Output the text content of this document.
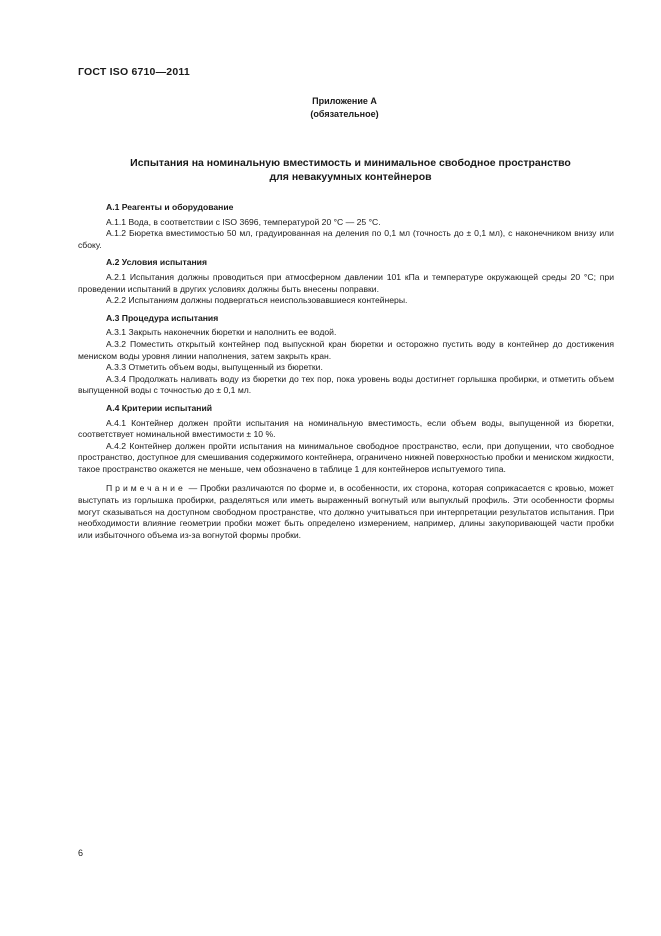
ГОСТ ISO 6710—2011
Приложение А
(обязательное)
Испытания на номинальную вместимость и минимальное свободное пространство
для невакуумных контейнеров
А.1 Реагенты и оборудование
А.1.1 Вода, в соответствии с ISO 3696, температурой 20 °С — 25 °С.
А.1.2 Бюретка вместимостью 50 мл, градуированная на деления по 0,1 мл (точность до ± 0,1 мл), с наконечником внизу или сбоку.
А.2 Условия испытания
А.2.1 Испытания должны проводиться при атмосферном давлении 101 кПа и температуре окружающей среды 20 °С; при проведении испытаний в других условиях должны быть внесены поправки.
А.2.2 Испытаниям должны подвергаться неиспользовавшиеся контейнеры.
А.3 Процедура испытания
А.3.1 Закрыть наконечник бюретки и наполнить ее водой.
А.3.2 Поместить открытый контейнер под выпускной кран бюретки и осторожно пустить воду в контейнер до достижения мениском воды уровня линии наполнения, затем закрыть кран.
А.3.3 Отметить объем воды, выпущенный из бюретки.
А.3.4 Продолжать наливать воду из бюретки до тех пор, пока уровень воды достигнет горлышка пробирки, и отметить объем выпущенной воды с точностью до ± 0,1 мл.
А.4 Критерии испытаний
А.4.1 Контейнер должен пройти испытания на номинальную вместимость, если объем воды, выпущенной из бюретки, соответствует номинальной вместимости ± 10 %.
А.4.2 Контейнер должен пройти испытания на минимальное свободное пространство, если, при допущении, что свободное пространство, доступное для смешивания содержимого контейнера, ограничено нижней поверхностью пробки и мениском жидкости, такое пространство окажется не меньше, чем обозначено в таблице 1 для контейнеров испытуемого типа.
Примечание — Пробки различаются по форме и, в особенности, их сторона, которая соприкасается с кровью, может выступать из горлышка пробирки, разделяться или иметь выраженный вогнутый или выпуклый профиль. Эти особенности формы могут сказываться на доступном свободном пространстве, что должно учитываться при интерпретации результатов испытания. При необходимости влияние геометрии пробки может быть определено измерением, например, длины закупоривающей части пробки или избыточного объема из-за вогнутой формы пробки.
6
